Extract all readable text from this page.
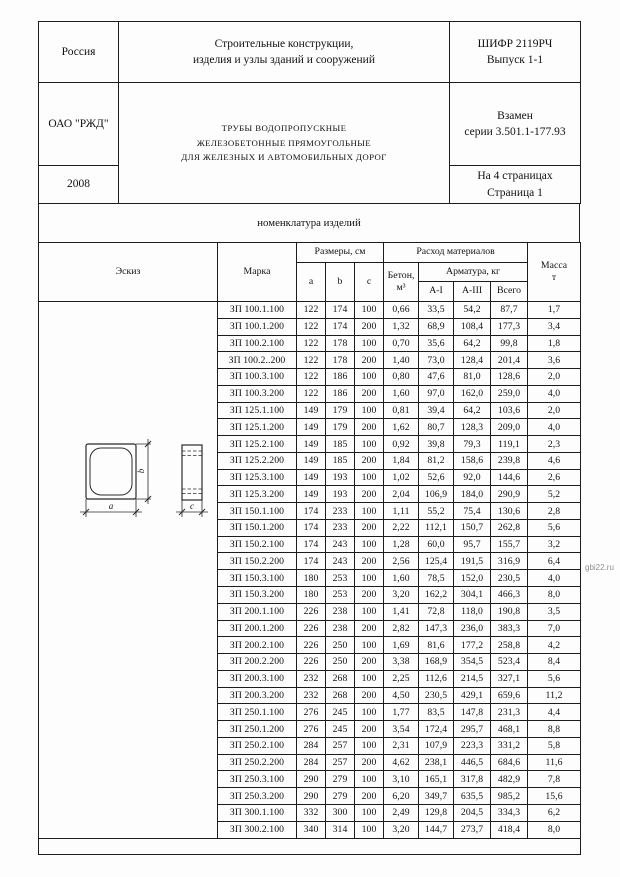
Россия	
Строительные конструкции,
изделия и узлы зданий и сооружений

ШИФР 2119РЧ
Выпуск 1-1

ОАО "РЖД"	ТРУБЫ ВОДОПРОПУСКНЫЕ
ЖЕЛЕЗОБЕТОННЫЕ ПРЯМОУГОЛЬНЫЕ
ДЛЯ ЖЕЛЕЗНЫХ И АВТОМОБИЛЬНЫХ ДОРОГ

Взамен
серии 3.501.1-177.93

2008		На 4 страницах
Страница 1
номенклатура изделий
Эскиз	Марка	Размеры, см			Расход материалов				Масса
т

		a	b	c	Бетон,
м³	Арматура, кг			
						А-I	А-III	Всего	

a
b
c	ЗП 100.1.100	122	174	100	0,66	33,5	54,2	87,7	1,7
	ЗП 100.1.200	122	174	200	1,32	68,9	108,4	177,3	3,4
	ЗП 100.2.100	122	178	100	0,70	35,6	64,2	99,8	1,8
	ЗП 100.2..200	122	178	200	1,40	73,0	128,4	201,4	3,6
	ЗП 100.3.100	122	186	100	0,80	47,6	81,0	128,6	2,0
	ЗП 100.3.200	122	186	200	1,60	97,0	162,0	259,0	4,0
	ЗП 125.1.100	149	179	100	0,81	39,4	64,2	103,6	2,0
	ЗП 125.1.200	149	179	200	1,62	80,7	128,3	209,0	4,0
	ЗП 125.2.100	149	185	100	0,92	39,8	79,3	119,1	2,3
	ЗП 125.2.200	149	185	200	1,84	81,2	158,6	239,8	4,6
	ЗП 125.3.100	149	193	100	1,02	52,6	92,0	144,6	2,6
	ЗП 125.3.200	149	193	200	2,04	106,9	184,0	290,9	5,2
	ЗП 150.1.100	174	233	100	1,11	55,2	75,4	130,6	2,8
	ЗП 150.1.200	174	233	200	2,22	112,1	150,7	262,8	5,6
	ЗП 150.2.100	174	243	100	1,28	60,0	95,7	155,7	3,2
	ЗП 150.2.200	174	243	200	2,56	125,4	191,5	316,9	6,4
	ЗП 150.3.100	180	253	100	1,60	78,5	152,0	230,5	4,0
	ЗП 150.3.200	180	253	200	3,20	162,2	304,1	466,3	8,0
	ЗП 200.1.100	226	238	100	1,41	72,8	118,0	190,8	3,5
	ЗП 200.1.200	226	238	200	2,82	147,3	236,0	383,3	7,0
	ЗП 200.2.100	226	250	100	1,69	81,6	177,2	258,8	4,2
	ЗП 200.2.200	226	250	200	3,38	168,9	354,5	523,4	8,4
	ЗП 200.3.100	232	268	100	2,25	112,6	214,5	327,1	5,6
	ЗП 200.3.200	232	268	200	4,50	230,5	429,1	659,6	11,2
	ЗП 250.1.100	276	245	100	1,77	83,5	147,8	231,3	4,4
	ЗП 250.1.200	276	245	200	3,54	172,4	295,7	468,1	8,8
	ЗП 250.2.100	284	257	100	2,31	107,9	223,3	331,2	5,8
	ЗП 250.2.200	284	257	200	4,62	238,1	446,5	684,6	11,6
	ЗП 250.3.100	290	279	100	3,10	165,1	317,8	482,9	7,8
	ЗП 250.3.200	290	279	200	6,20	349,7	635,5	985,2	15,6
	ЗП 300.1.100	332	300	100	2,49	129,8	204,5	334,3	6,2
	ЗП 300.2.100	340	314	100	3,20	144,7	273,7	418,4	8,0

gbi22.ru
